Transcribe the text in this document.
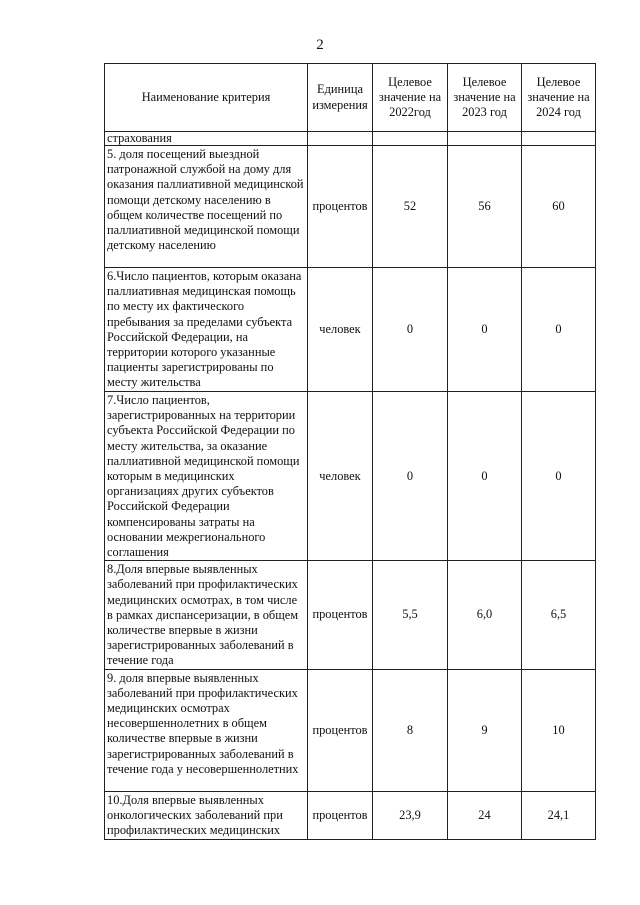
2
Наименование критерия	Единица измерения	Целевое значение на 2022год	Целевое значение на 2023 год	Целевое значение на 2024 год
страхования				
5. доля посещений выездной патронажной службой на дому для оказания паллиативной медицинской помощи детскому населению в общем количестве посещений по паллиативной медицинской помощи детскому населению	процентов	52	56	60
6.Число пациентов, которым оказана паллиативная медицинская помощь по месту их фактического пребывания за пределами субъекта Российской Федерации, на территории которого указанные пациенты зарегистрированы по месту жительства	человек	0	0	0
7.Число пациентов, зарегистрированных на территории субъекта Российской Федерации по месту жительства, за оказание паллиативной медицинской помощи которым в медицинских организациях других субъектов Российской Федерации компенсированы затраты на основании межрегионального соглашения	человек	0	0	0
8.Доля впервые выявленных заболеваний при профилактических медицинских осмотрах, в том числе в рамках диспансеризации, в общем количестве впервые в жизни зарегистрированных заболеваний в течение года	процентов	5,5	6,0	6,5
9. доля впервые выявленных заболеваний при профилактических медицинских осмотрах несовершеннолетних в общем количестве впервые в жизни зарегистрированных заболеваний в течение года у несовершеннолетних	процентов	8	9	10
10.Доля впервые выявленных онкологических заболеваний при профилактических медицинских	процентов	23,9	24	24,1
